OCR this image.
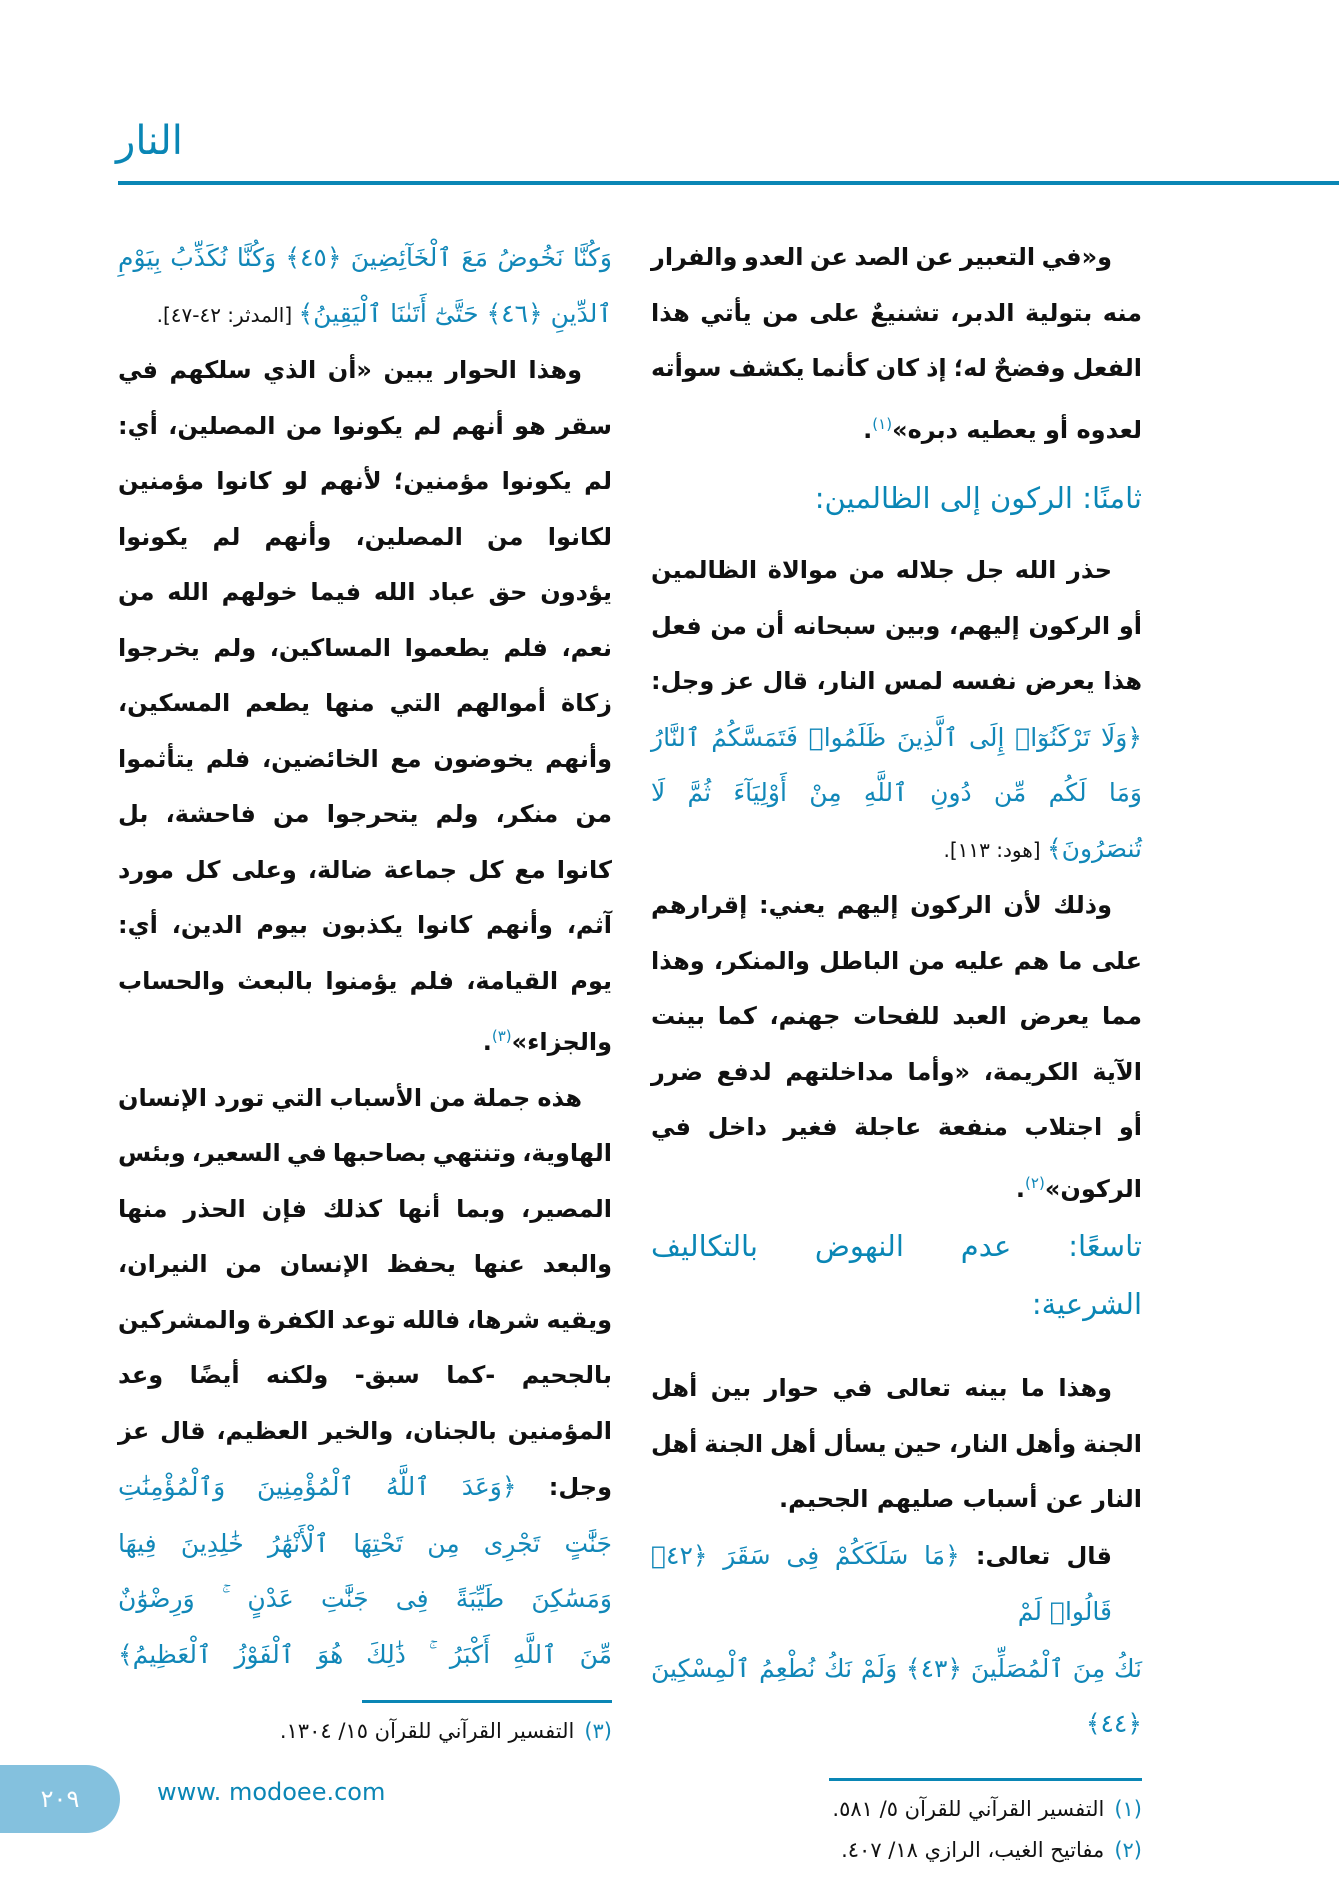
النار
و«في التعبير عن الصد عن العدو والفرار
منه بتولية الدبر، تشنيعٌ على من يأتي هذا
الفعل وفضحٌ له؛ إذ كان كأنما يكشف سوأته
لعدوه أو يعطيه دبره»$^{(١)}$.
ثامنًا: الركون إلى الظالمين:
حذر الله جل جلاله من موالاة الظالمين
أو الركون إليهم، وبين سبحانه أن من فعل
هذا يعرض نفسه لمس النار، قال عز وجل:
﴿وَلَا تَرْكَنُوٓا۟ إِلَى ٱلَّذِينَ ظَلَمُوا۟ فَتَمَسَّكُمُ ٱلنَّارُ
وَمَا لَكُم مِّن دُونِ ٱللَّهِ مِنْ أَوْلِيَآءَ ثُمَّ لَا
تُنصَرُونَ﴾ [هود: ١١٣].
وذلك لأن الركون إليهم يعني: إقرارهم
على ما هم عليه من الباطل والمنكر، وهذا
مما يعرض العبد للفحات جهنم، كما بينت
الآية الكريمة، «وأما مداخلتهم لدفع ضرر
أو اجتلاب منفعة عاجلة فغير داخل في
الركون»$^{(٢)}$.
تاسعًا: عدم النهوض بالتكاليف
الشرعية:
وهذا ما بينه تعالى في حوار بين أهل
الجنة وأهل النار، حين يسأل أهل الجنة أهل
النار عن أسباب صليهم الجحيم.
قال تعالى: ﴿مَا سَلَكَكُمْ فِى سَقَرَ ﴿٤٢﴾ قَالُوا۟ لَمْ
نَكُ مِنَ ٱلْمُصَلِّينَ ﴿٤٣﴾ وَلَمْ نَكُ نُطْعِمُ ٱلْمِسْكِينَ ﴿٤٤﴾
(١)التفسير القرآني للقرآن ٥/ ٥٨١.
(٢)مفاتيح الغيب، الرازي ١٨/ ٤٠٧.
وَكُنَّا نَخُوضُ مَعَ ٱلْخَآئِضِينَ ﴿٤٥﴾ وَكُنَّا نُكَذِّبُ بِيَوْمِ
ٱلدِّينِ ﴿٤٦﴾ حَتَّىٰٓ أَتَىٰنَا ٱلْيَقِينُ﴾ [المدثر: ٤٢-٤٧].
وهذا الحوار يبين «أن الذي سلكهم في
سقر هو أنهم لم يكونوا من المصلين، أي:
لم يكونوا مؤمنين؛ لأنهم لو كانوا مؤمنين
لكانوا من المصلين، وأنهم لم يكونوا
يؤدون حق عباد الله فيما خولهم الله من
نعم، فلم يطعموا المساكين، ولم يخرجوا
زكاة أموالهم التي منها يطعم المسكين،
وأنهم يخوضون مع الخائضين، فلم يتأثموا
من منكر، ولم يتحرجوا من فاحشة، بل
كانوا مع كل جماعة ضالة، وعلى كل مورد
آثم، وأنهم كانوا يكذبون بيوم الدين، أي:
يوم القيامة، فلم يؤمنوا بالبعث والحساب
والجزاء»$^{(٣)}$.
هذه جملة من الأسباب التي تورد الإنسان
الهاوية، وتنتهي بصاحبها في السعير، وبئس
المصير، وبما أنها كذلك فإن الحذر منها
والبعد عنها يحفظ الإنسان من النيران،
ويقيه شرها، فالله توعد الكفرة والمشركين
بالجحيم -كما سبق- ولكنه أيضًا وعد
المؤمنين بالجنان، والخير العظيم، قال عز
وجل: ﴿وَعَدَ ٱللَّهُ ٱلْمُؤْمِنِينَ وَٱلْمُؤْمِنَٰتِ
جَنَّٰتٍ تَجْرِى مِن تَحْتِهَا ٱلْأَنْهَٰرُ خَٰلِدِينَ فِيهَا
وَمَسَٰكِنَ طَيِّبَةً فِى جَنَّٰتِ عَدْنٍ ۚ وَرِضْوَٰنٌ
مِّنَ ٱللَّهِ أَكْبَرُ ۚ ذَٰلِكَ هُوَ ٱلْفَوْزُ ٱلْعَظِيمُ﴾
(٣)التفسير القرآني للقرآن ١٥/ ١٣٠٤.
٢٠٩	www. modoee.com
